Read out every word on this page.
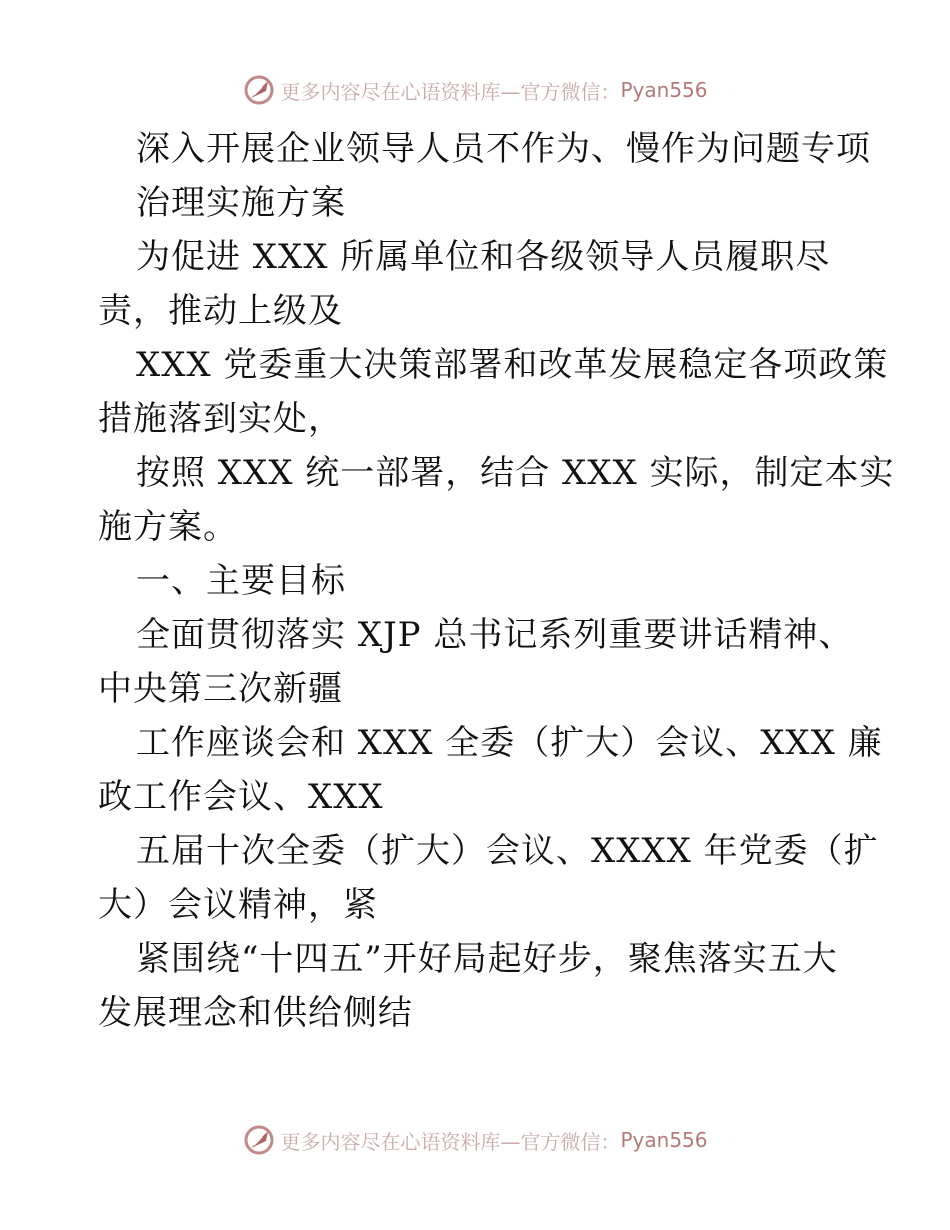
更多内容尽在心语资料库— 官方微信： Pyan556
深入开展企业领导人员不作为、慢作为问题专项
治理实施方案
为促进 XXX 所属单位和各级领导人员履职尽
责，推动上级及
XXX 党委重大决策部署和改革发展稳定各项政策
措施落到实处，
按照 XXX 统一部署，结合 XXX 实际，制定本实
施方案。
一、主要目标
全面贯彻落实 XJP 总书记系列重要讲话精神、
中央第三次新疆
工作座谈会和 XXX 全委（扩大）会议、XXX 廉
政工作会议、XXX
五届十次全委（扩大）会议、XXXX 年党委（扩
大）会议精神，紧
紧围绕“十四五”开好局起好步，聚焦落实五大
发展理念和供给侧结
更多内容尽在心语资料库— 官方微信： Pyan556
